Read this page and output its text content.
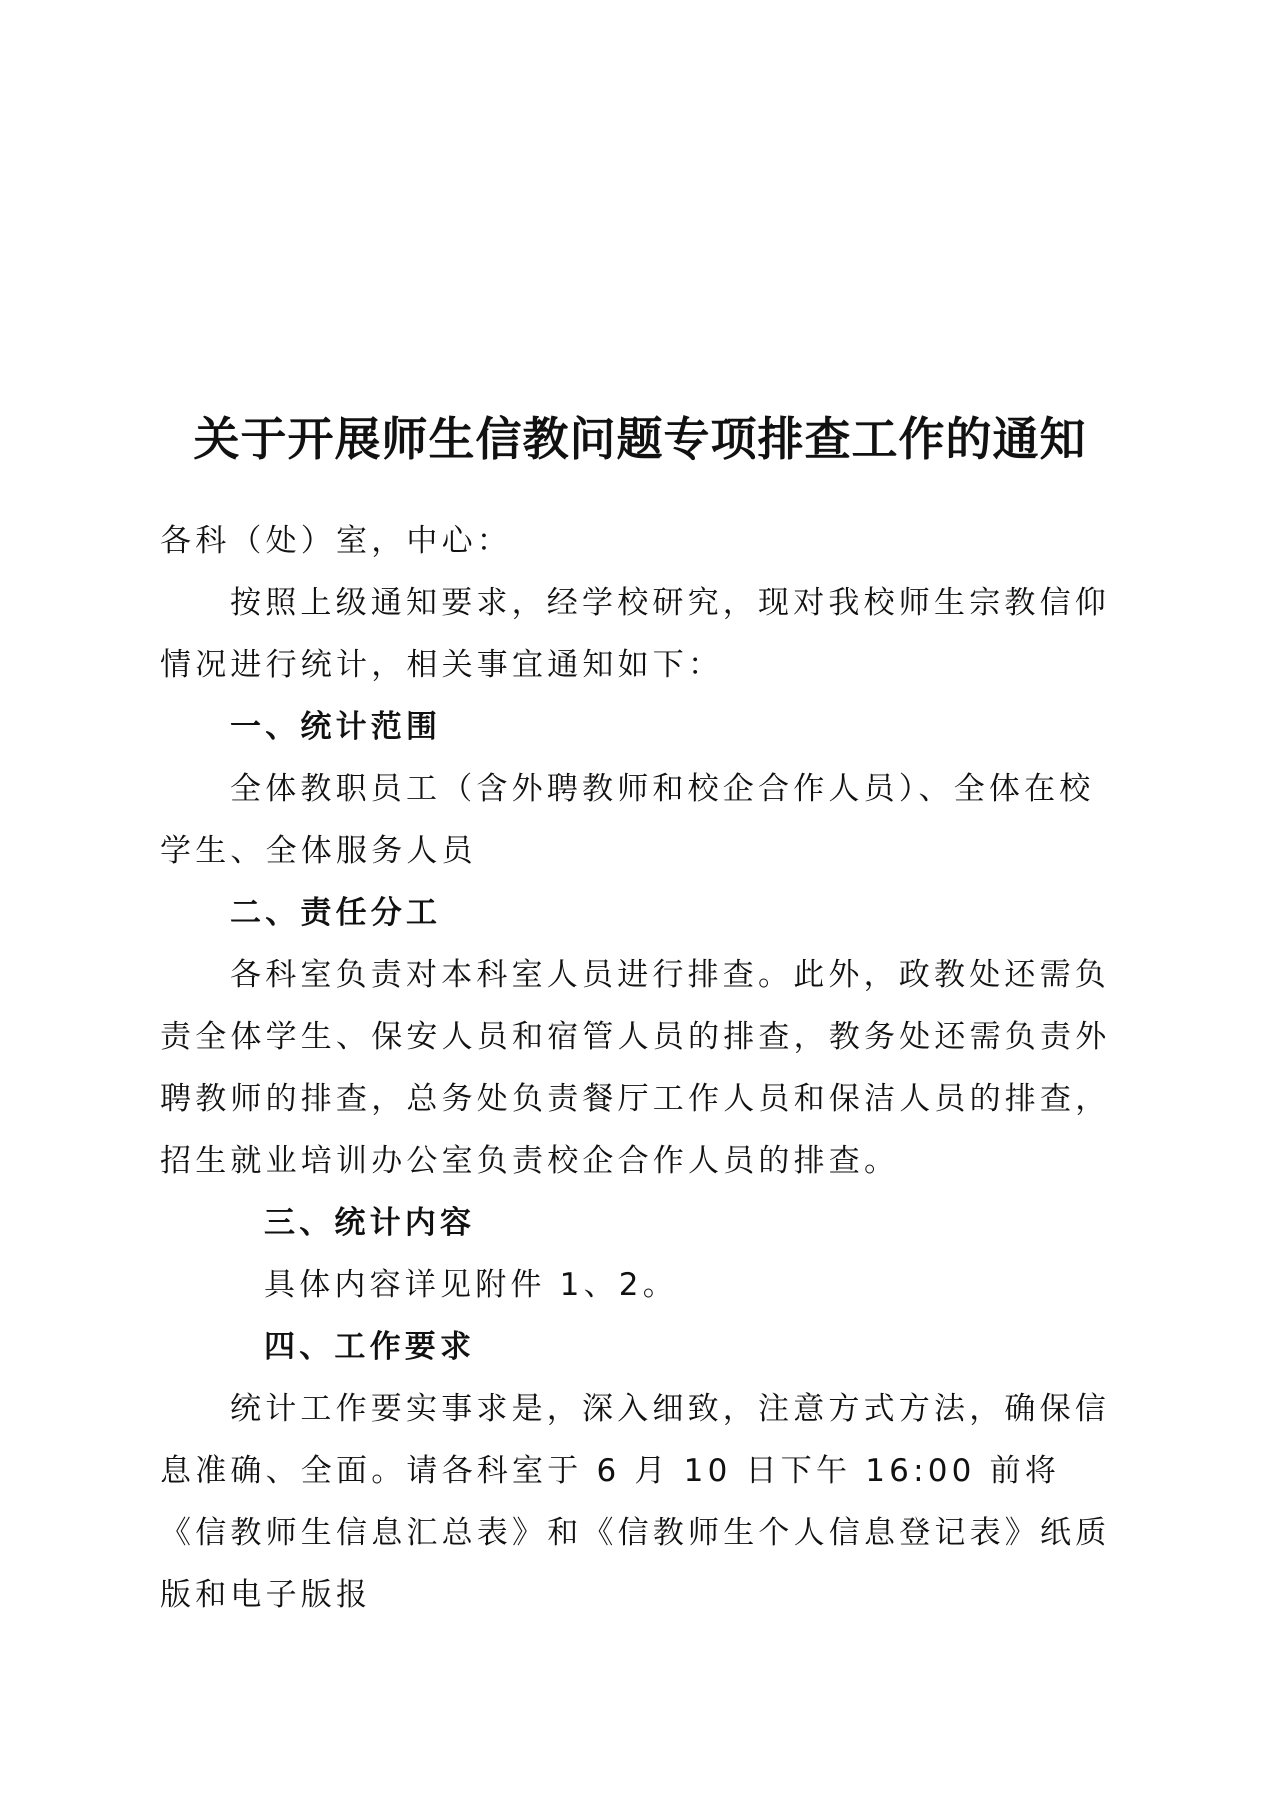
关于开展师生信教问题专项排查工作的通知

各科（处）室，中心：

按照上级通知要求，经学校研究，现对我校师生宗教信仰情况进行统计，相关事宜通知如下：

一、统计范围

全体教职员工（含外聘教师和校企合作人员）、全体在校学生、全体服务人员

二、责任分工

各科室负责对本科室人员进行排查。此外，政教处还需负责全体学生、保安人员和宿管人员的排查，教务处还需负责外聘教师的排查，总务处负责餐厅工作人员和保洁人员的排查，招生就业培训办公室负责校企合作人员的排查。

三、统计内容

具体内容详见附件 1、2。

四、工作要求

统计工作要实事求是，深入细致，注意方式方法，确保信息准确、全面。请各科室于 6 月 10 日下午 16:00 前将《信教师生信息汇总表》和《信教师生个人信息登记表》纸质版和电子版报
